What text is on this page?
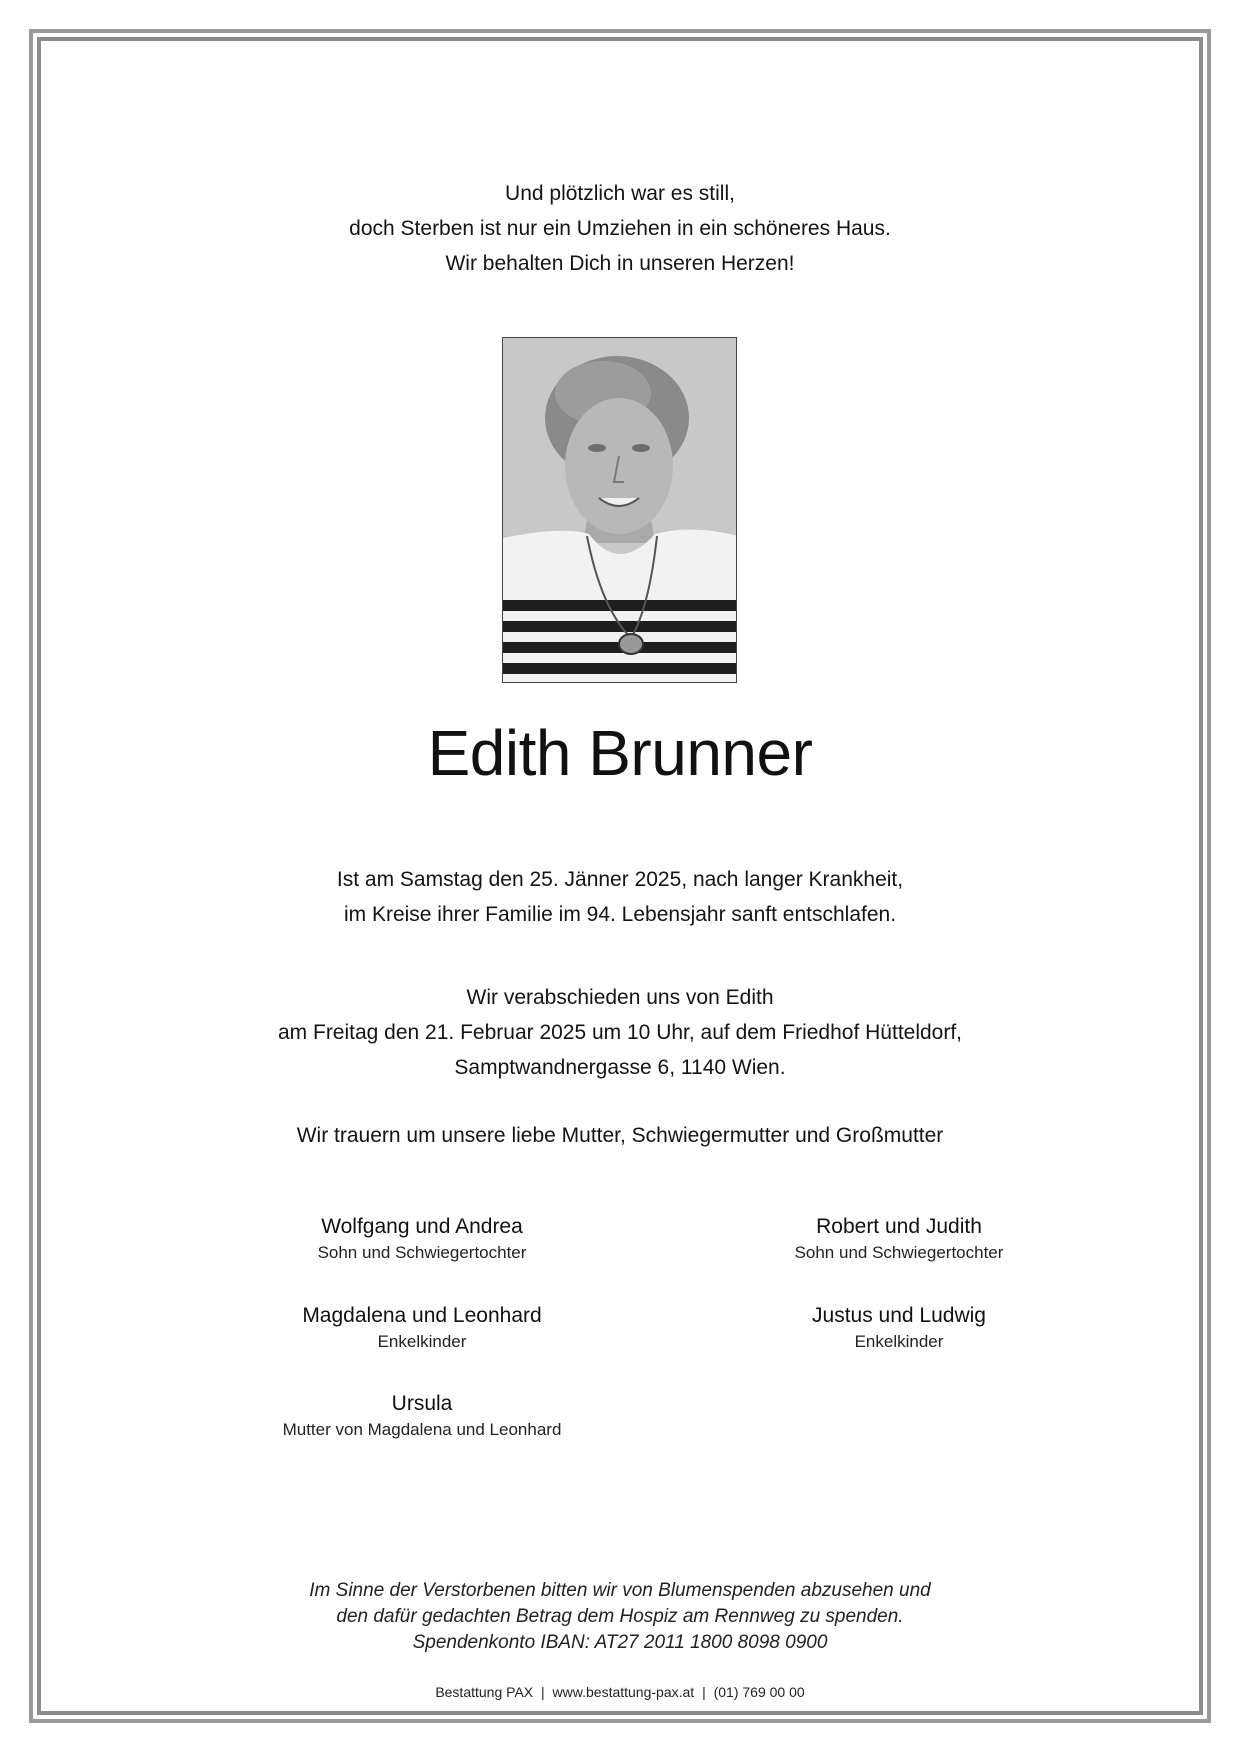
Und plötzlich war es still,
doch Sterben ist nur ein Umziehen in ein schöneres Haus.
Wir behalten Dich in unseren Herzen!
Edith Brunner
Ist am Samstag den 25. Jänner 2025, nach langer Krankheit,
im Kreise ihrer Familie im 94. Lebensjahr sanft entschlafen.
Wir verabschieden uns von Edith
am Freitag den 21. Februar 2025 um 10 Uhr, auf dem Friedhof Hütteldorf,
Samptwandnergasse 6, 1140 Wien.
Wir trauern um unsere liebe Mutter, Schwiegermutter und Großmutter
Wolfgang und Andrea
Sohn und Schwiegertochter
Robert und Judith
Sohn und Schwiegertochter
Magdalena und Leonhard
Enkelkinder
Justus und Ludwig
Enkelkinder
Ursula
Mutter von Magdalena und Leonhard
Im Sinne der Verstorbenen bitten wir von Blumenspenden abzusehen und
den dafür gedachten Betrag dem Hospiz am Rennweg zu spenden.
Spendenkonto IBAN: AT27 2011 1800 8098 0900
Bestattung PAX | www.bestattung-pax.at | (01) 769 00 00
